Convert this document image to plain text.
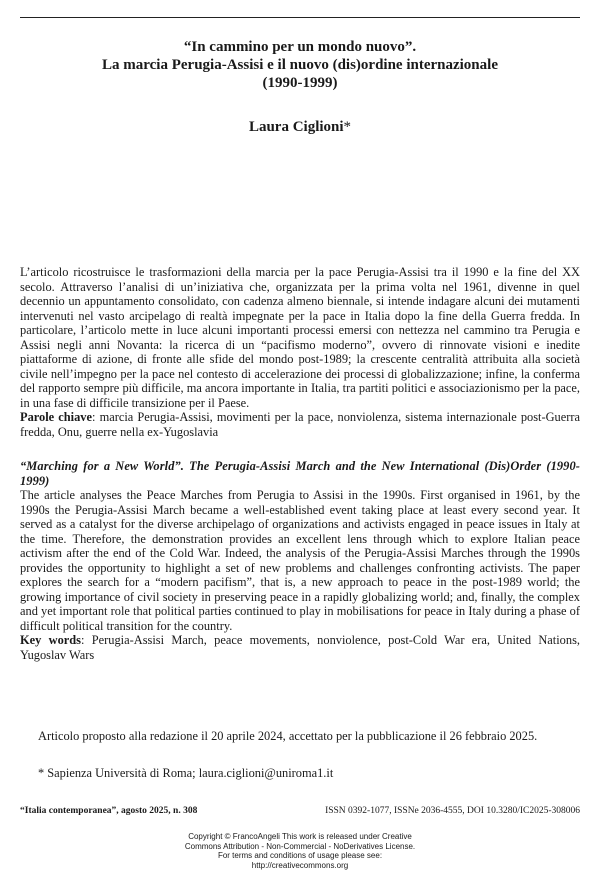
“In cammino per un mondo nuovo”.

La marcia Perugia-Assisi e il nuovo (dis)ordine internazionale

(1990-1999)

Laura Ciglioni*

L’articolo ricostruisce le trasformazioni della marcia per la pace Perugia-Assisi tra il 1990 e la fine del XX secolo. Attraverso l’analisi di un’iniziativa che, organizzata per la prima volta nel 1961, divenne in quel decennio un appuntamento consolidato, con cadenza almeno biennale, si intende indagare alcuni dei mutamenti intervenuti nel vasto arcipelago di realtà impegnate per la pace in Italia dopo la fine della Guerra fredda. In particolare, l’articolo mette in luce alcuni importanti processi emersi con nettezza nel cammino tra Perugia e Assisi negli anni Novanta: la ricerca di un “pacifismo moderno”, ovvero di rinnovate visioni e inedite piattaforme di azione, di fronte alle sfide del mondo post-1989; la crescente centralità attribuita alla società civile nell’impegno per la pace nel contesto di accelerazione dei processi di globalizzazione; infine, la conferma del rapporto sempre più difficile, ma ancora importante in Italia, tra partiti politici e associazionismo per la pace, in una fase di difficile transizione per il Paese.

Parole chiave: marcia Perugia-Assisi, movimenti per la pace, nonviolenza, sistema internazionale post-Guerra fredda, Onu, guerre nella ex-Yugoslavia

“Marching for a New World”. The Perugia-Assisi March and the New International (Dis)Order (1990-1999)

The article analyses the Peace Marches from Perugia to Assisi in the 1990s. First organised in 1961, by the 1990s the Perugia-Assisi March became a well-established event taking place at least every second year. It served as a catalyst for the diverse archipelago of organizations and activists engaged in peace issues in Italy at the time. Therefore, the demonstration provides an excellent lens through which to explore Italian peace activism after the end of the Cold War. Indeed, the analysis of the Perugia-Assisi Marches through the 1990s provides the opportunity to highlight a set of new problems and challenges confronting activists. The paper explores the search for a “modern pacifism”, that is, a new approach to peace in the post-1989 world; the growing importance of civil society in preserving peace in a rapidly globalizing world; and, finally, the complex and yet important role that political parties continued to play in mobilisations for peace in Italy during a phase of difficult political transition for the country.

Key words: Perugia-Assisi March, peace movements, nonviolence, post-Cold War era, United Nations, Yugoslav Wars

Articolo proposto alla redazione il 20 aprile 2024, accettato per la pubblicazione il 26 febbraio 2025.
* Sapienza Università di Roma; laura.ciglioni@uniroma1.it
“Italia contemporanea”, agosto 2025, n. 308	ISSN 0392-1077, ISSNe 2036-4555, DOI 10.3280/IC2025-308006
Copyright © FrancoAngeli This work is released under Creative
Commons Attribution - Non-Commercial - NoDerivatives License.
For terms and conditions of usage please see:
http://creativecommons.org
